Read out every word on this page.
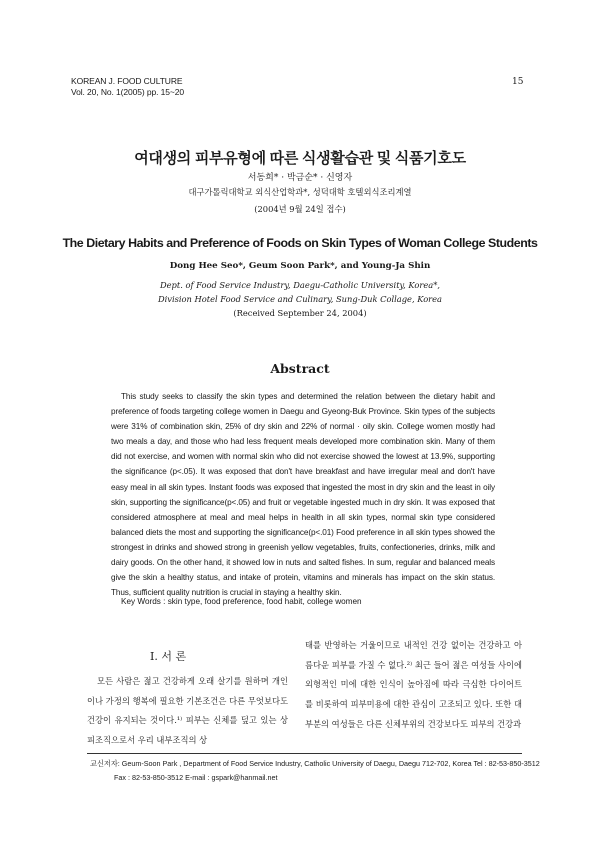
KOREAN J. FOOD CULTURE
Vol. 20, No. 1(2005) pp. 15~20
15
여대생의 피부유형에 따른 식생활습관 및 식품기호도
서동희* · 박금순* · 신영자
대구가톨릭대학교 외식산업학과*, 성덕대학 호텔외식조리계열
(2004년 9월 24일 접수)
The Dietary Habits and Preference of Foods on Skin Types of Woman College Students
Dong Hee Seo*, Geum Soon Park*, and Young-Ja Shin
Dept. of Food Service Industry, Daegu-Catholic University, Korea*,
Division Hotel Food Service and Culinary, Sung-Duk Collage, Korea
(Received September 24, 2004)
Abstract
This study seeks to classify the skin types and determined the relation between the dietary habit and preference of foods targeting college women in Daegu and Gyeong-Buk Province. Skin types of the subjects were 31% of combination skin, 25% of dry skin and 22% of normal · oily skin. College women mostly had two meals a day, and those who had less frequent meals developed more combination skin. Many of them did not exercise, and women with normal skin who did not exercise showed the lowest at 13.9%, supporting the significance (p<.05). It was exposed that don't have breakfast and have irregular meal and don't have easy meal in all skin types. Instant foods was exposed that ingested the most in dry skin and the least in oily skin, supporting the significance(p<.05) and fruit or vegetable ingested much in dry skin. It was exposed that considered atmosphere at meal and meal helps in health in all skin types, normal skin type considered balanced diets the most and supporting the significance(p<.01) Food preference in all skin types showed the strongest in drinks and showed strong in greenish yellow vegetables, fruits, confectioneries, drinks, milk and dairy goods. On the other hand, it showed low in nuts and salted fishes. In sum, regular and balanced meals give the skin a healthy status, and intake of protein, vitamins and minerals has impact on the skin status. Thus, sufficient quality nutrition is crucial in staying a healthy skin.
Key Words : skin type, food preference, food habit, college women
I. 서 론
모든 사람은 젊고 건강하게 오래 살기를 원하며 개인이나 가정의 행복에 필요한 기본조건은 다른 무엇보다도 건강이 유지되는 것이다.¹⁾ 피부는 신체를 덮고 있는 상피조직으로서 우리 내부조직의 상
태를 반영하는 거울이므로 내적인 건강 없이는 건강하고 아름다운 피부를 가질 수 없다.²⁾ 최근 들어 젊은 여성들 사이에 외형적인 미에 대한 인식이 높아짐에 따라 극심한 다이어트를 비롯하여 피부미용에 대한 관심이 고조되고 있다. 또한 대부분의 여성들은 다른 신체부위의 건강보다도 피부의 건강과
교신저자: Geum-Soon Park , Department of Food Service Industry, Catholic University of Daegu, Daegu 712-702, Korea Tel : 82-53-850-3512
Fax : 82-53-850-3512 E-mail : gspark@hanmail.net
